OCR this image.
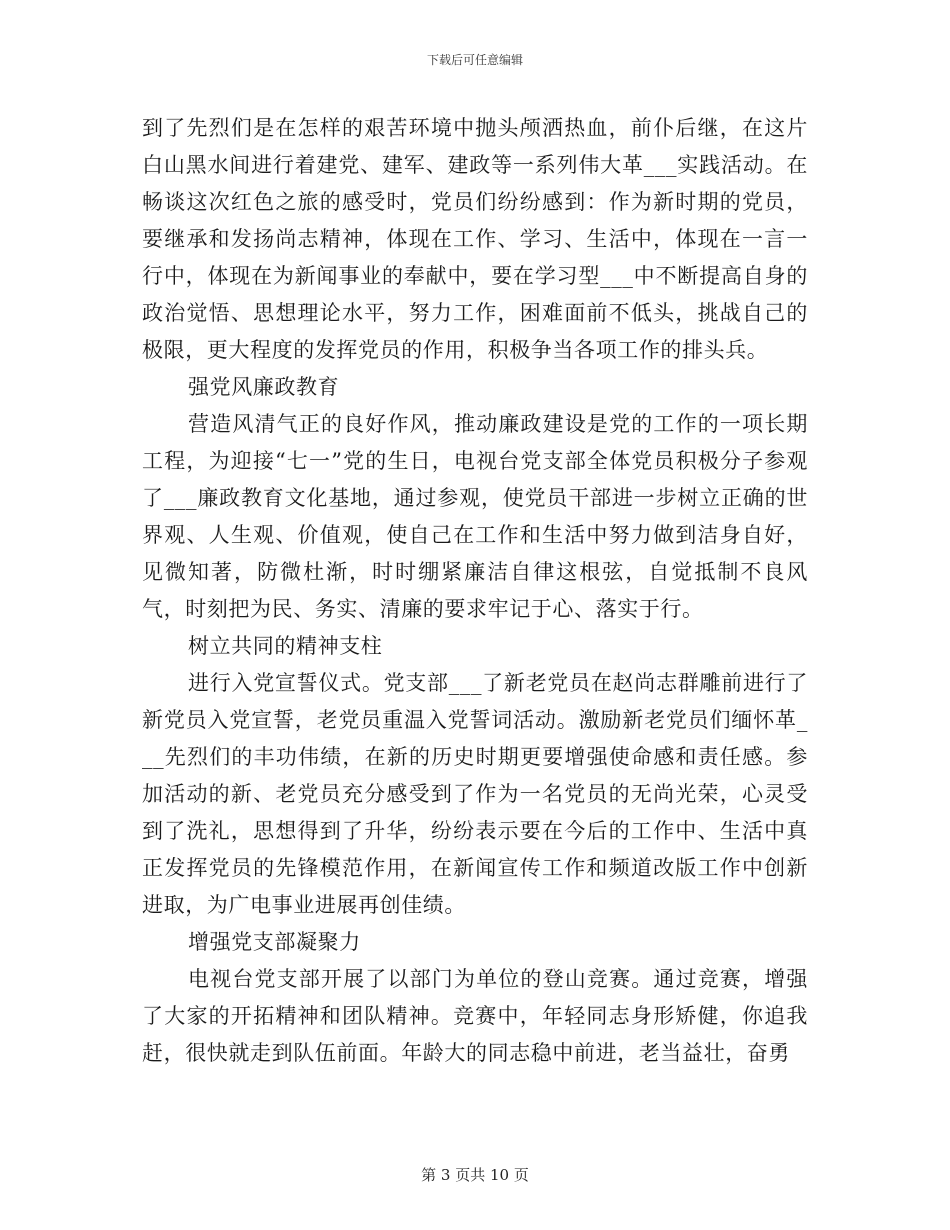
下载后可任意编辑

到了先烈们是在怎样的艰苦环境中抛头颅洒热血，前仆后继，在这片白山黑水间进行着建党、建军、建政等一系列伟大革___实践活动。在畅谈这次红色之旅的感受时，党员们纷纷感到：作为新时期的党员，要继承和发扬尚志精神，体现在工作、学习、生活中，体现在一言一行中，体现在为新闻事业的奉献中，要在学习型___中不断提高自身的政治觉悟、思想理论水平，努力工作，困难面前不低头，挑战自己的极限，更大程度的发挥党员的作用，积极争当各项工作的排头兵。

强党风廉政教育

营造风清气正的良好作风，推动廉政建设是党的工作的一项长期工程，为迎接“七一”党的生日，电视台党支部全体党员积极分子参观了___廉政教育文化基地，通过参观，使党员干部进一步树立正确的世界观、人生观、价值观，使自己在工作和生活中努力做到洁身自好，见微知著，防微杜渐，时时绷紧廉洁自律这根弦，自觉抵制不良风气，时刻把为民、务实、清廉的要求牢记于心、落实于行。

树立共同的精神支柱

进行入党宣誓仪式。党支部___了新老党员在赵尚志群雕前进行了新党员入党宣誓，老党员重温入党誓词活动。激励新老党员们缅怀革___先烈们的丰功伟绩，在新的历史时期更要增强使命感和责任感。参加活动的新、老党员充分感受到了作为一名党员的无尚光荣，心灵受到了洗礼，思想得到了升华，纷纷表示要在今后的工作中、生活中真正发挥党员的先锋模范作用，在新闻宣传工作和频道改版工作中创新进取，为广电事业进展再创佳绩。

增强党支部凝聚力

电视台党支部开展了以部门为单位的登山竞赛。通过竞赛，增强了大家的开拓精神和团队精神。竞赛中，年轻同志身形矫健，你追我赶，很快就走到队伍前面。年龄大的同志稳中前进，老当益壮，奋勇

第 3 页共 10 页
